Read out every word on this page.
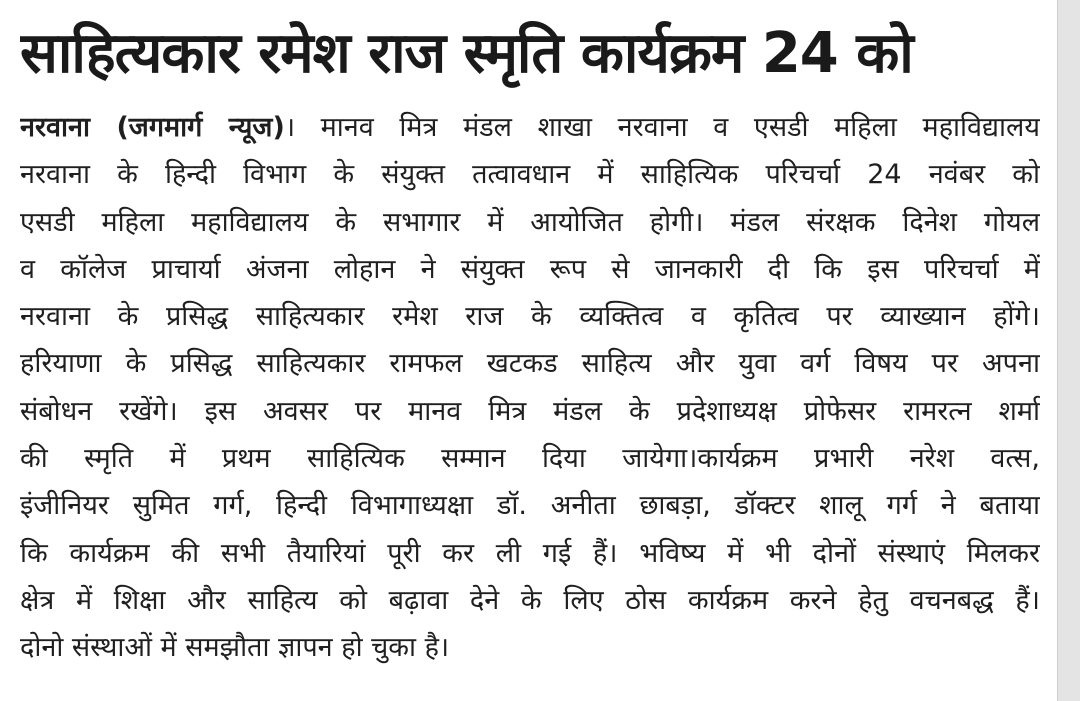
साहित्यकार रमेश राज स्मृति कार्यक्रम 24 को
नरवाना (जगमार्ग न्यूज)। मानव मित्र मंडल शाखा नरवाना व एसडी महिला महाविद्यालय
नरवाना के हिन्दी विभाग के संयुक्त तत्वावधान में साहित्यिक परिचर्चा 24 नवंबर को
एसडी महिला महाविद्यालय के सभागार में आयोजित होगी। मंडल संरक्षक दिनेश गोयल
व कॉलेज प्राचार्या अंजना लोहान ने संयुक्त रूप से जानकारी दी कि इस परिचर्चा में
नरवाना के प्रसिद्ध साहित्यकार रमेश राज के व्यक्तित्व व कृतित्व पर व्याख्यान होंगे।
हरियाणा के प्रसिद्ध साहित्यकार रामफल खटकड साहित्य और युवा वर्ग विषय पर अपना
संबोधन रखेंगे। इस अवसर पर मानव मित्र मंडल के प्रदेशाध्यक्ष प्रोफेसर रामरत्न शर्मा
की स्मृति में प्रथम साहित्यिक सम्मान दिया जायेगा।कार्यक्रम प्रभारी नरेश वत्स,
इंजीनियर सुमित गर्ग, हिन्दी विभागाध्यक्षा डॉ. अनीता छाबड़ा, डॉक्टर शालू गर्ग ने बताया
कि कार्यक्रम की सभी तैयारियां पूरी कर ली गई हैं। भविष्य में भी दोनों संस्थाएं मिलकर
क्षेत्र में शिक्षा और साहित्य को बढ़ावा देने के लिए ठोस कार्यक्रम करने हेतु वचनबद्ध हैं।
दोनो संस्थाओं में समझौता ज्ञापन हो चुका है।
